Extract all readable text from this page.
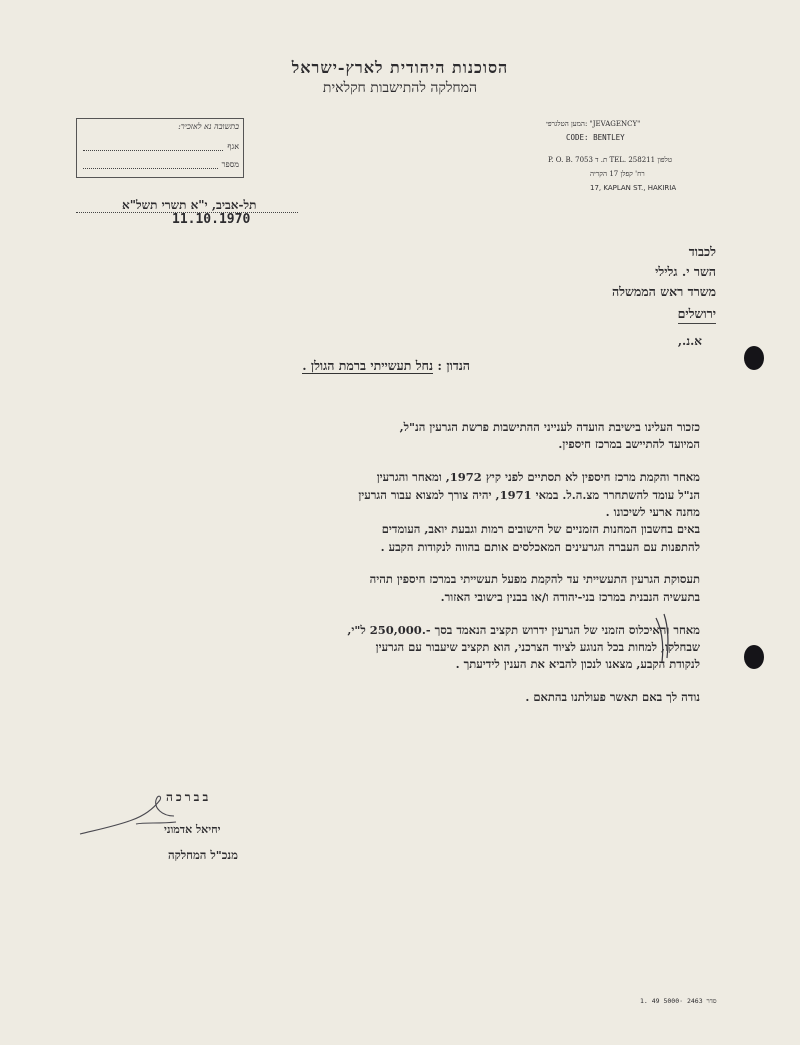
הסוכנות היהודית לארץ-ישראל
המחלקה להתישבות חקלאית
בתשובה נא לאזכיר:
אגף
מספר
המען הטלגרפי: "JEVAGENCY"
CODE: BENTLEY
P. O. B. 7053 ת. ד TEL. 258211 טלפון
רח' קפלן 17 הקריה
17, KAPLAN ST., HAKIRIA
תל-אביב, י"א תשרי תשל"א
11.10.1970
לכבוד
השר י. גלילי
משרד ראש הממשלה
ירושלים
א.נ.,
הנדון : נחל תעשייתי ברמת הגולן .
כזכור העלינו בישיבת הועדה לענייני ההתישבות פרשת הגרעין הנ"ל,
המיועד להתיישב במרכז חיספין.
מאחר והקמת מרכז חיספין לא תסתיים לפני קיץ 1972, ומאחר והגרעין
הנ"ל עומד להשתחרר מצ.ה.ל. במאי 1971, יהיה צורך למצוא עבור הגרעין
מחנה ארעי לשיכונו .
באים בחשבון המחנות הזמניים של הישובים רמות וגבעת יואב, העומדים
להתפנות עם העברה הגרעינים המאכלסים אותם בהווה לנקודות הקבע .
תעסוקת הגרעין התעשייתי עד להקמת מפעל תעשייתי במרכז חיספין תהיה
בתעשיה הנבנית במרכז בני-יהודה ו/או בבנין בישובי האזור.
מאחר והאיכלוס הזמני של הגרעין ידרוש תקציב הנאמד בסך -.250,000 ל"י,
שבחלקו, למחות בכל הנוגע לציוד הצרכני, הוא תקציב שיעבור עם הגרעין
לנקודת הקבע, מצאנו לנכון להביא את הענין לידיעתך .
נודה לך באם תאשר פעולתנו בהתאם .
בברכה
יחיאל אדמוני
מנכ"ל המחלקה
1. 49 5000· 2463 סדר
